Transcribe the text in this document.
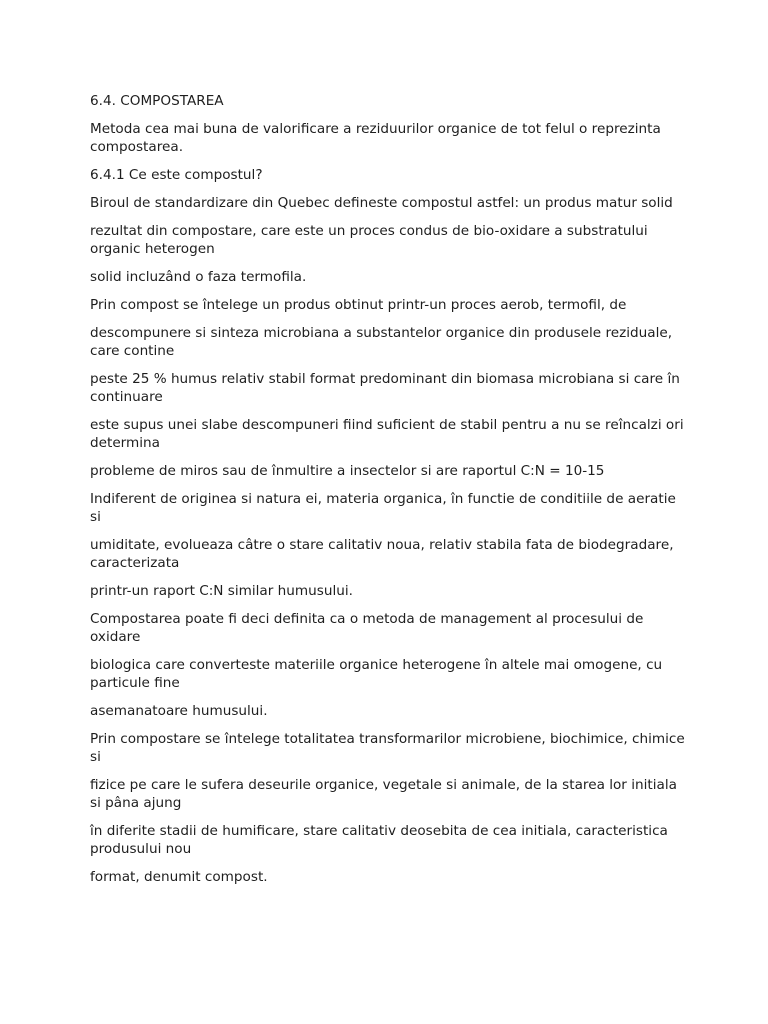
6.4. COMPOSTAREA

Metoda cea mai buna de valorificare a reziduurilor organice de tot felul o reprezinta compostarea.

6.4.1 Ce este compostul?

Biroul de standardizare din Quebec defineste compostul astfel: un produs matur solid

rezultat din compostare, care este un proces condus de bio-oxidare a substratului organic heterogen

solid incluzând o faza termofila.

Prin compost se întelege un produs obtinut printr-un proces aerob, termofil, de

descompunere si sinteza microbiana a substantelor organice din produsele reziduale, care contine

peste 25 % humus relativ stabil format predominant din biomasa microbiana si care în continuare

este supus unei slabe descompuneri fiind suficient de stabil pentru a nu se reîncalzi ori determina

probleme de miros sau de înmultire a insectelor si are raportul C:N = 10-15

Indiferent de originea si natura ei, materia organica, în functie de conditiile de aeratie si

umiditate, evolueaza câtre o stare calitativ noua, relativ stabila fata de biodegradare, caracterizata

printr-un raport C:N similar humusului.

Compostarea poate fi deci definita ca o metoda de management al procesului de oxidare

biologica care converteste materiile organice heterogene în altele mai omogene, cu particule fine

asemanatoare humusului.

Prin compostare se întelege totalitatea transformarilor microbiene, biochimice, chimice si

fizice pe care le sufera deseurile organice, vegetale si animale, de la starea lor initiala si pâna ajung

în diferite stadii de humificare, stare calitativ deosebita de cea initiala, caracteristica produsului nou

format, denumit compost.
